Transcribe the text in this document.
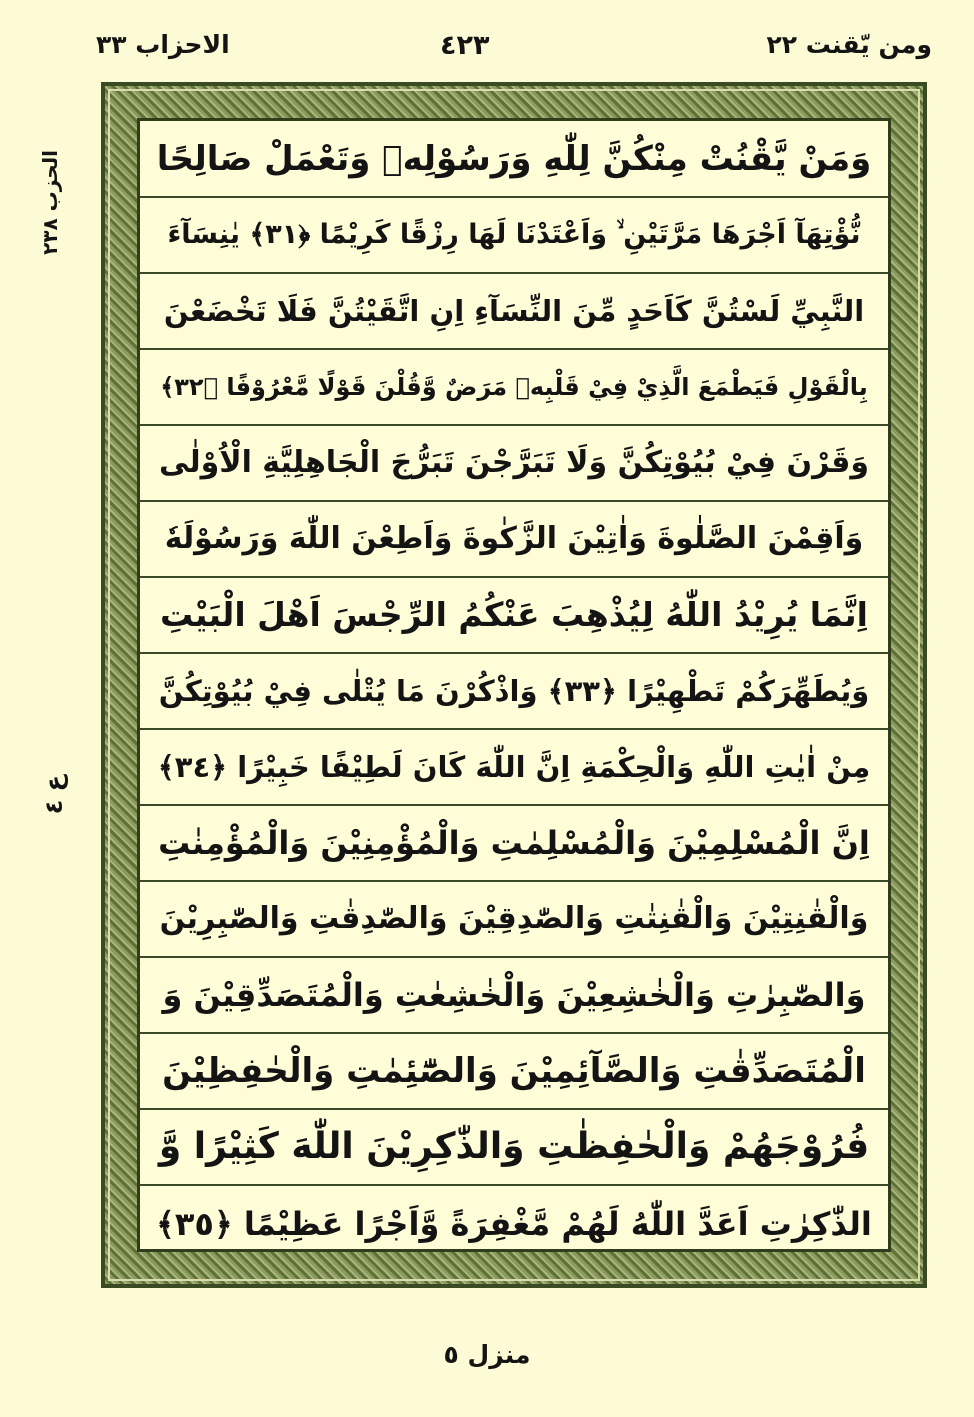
ومن يّقنت ٢٢
٤٢٣
الاحزاب ٣٣
الحزب ٢٣٨
ع ٤
وَمَنْ يَّقْنُتْ مِنْكُنَّ لِلّٰهِ وَرَسُوْلِهٖ وَتَعْمَلْ صَالِحًا
نُّؤْتِهَآ اَجْرَهَا مَرَّتَيْنِ ۙ وَاَعْتَدْنَا لَهَا رِزْقًا كَرِيْمًا ﴿٣١﴾ يٰنِسَآءَ
النَّبِيِّ لَسْتُنَّ كَاَحَدٍ مِّنَ النِّسَآءِ اِنِ اتَّقَيْتُنَّ فَلَا تَخْضَعْنَ
بِالْقَوْلِ فَيَطْمَعَ الَّذِيْ فِيْ قَلْبِهٖ مَرَضٌ وَّقُلْنَ قَوْلًا مَّعْرُوْفًا ﴿٣٢﴾
وَقَرْنَ فِيْ بُيُوْتِكُنَّ وَلَا تَبَرَّجْنَ تَبَرُّجَ الْجَاهِلِيَّةِ الْاُوْلٰى
وَاَقِمْنَ الصَّلٰوةَ وَاٰتِيْنَ الزَّكٰوةَ وَاَطِعْنَ اللّٰهَ وَرَسُوْلَهٗ
اِنَّمَا يُرِيْدُ اللّٰهُ لِيُذْهِبَ عَنْكُمُ الرِّجْسَ اَهْلَ الْبَيْتِ
وَيُطَهِّرَكُمْ تَطْهِيْرًا ﴿٣٣﴾ وَاذْكُرْنَ مَا يُتْلٰى فِيْ بُيُوْتِكُنَّ
مِنْ اٰيٰتِ اللّٰهِ وَالْحِكْمَةِ اِنَّ اللّٰهَ كَانَ لَطِيْفًا خَبِيْرًا ﴿٣٤﴾
اِنَّ الْمُسْلِمِيْنَ وَالْمُسْلِمٰتِ وَالْمُؤْمِنِيْنَ وَالْمُؤْمِنٰتِ
وَالْقٰنِتِيْنَ وَالْقٰنِتٰتِ وَالصّٰدِقِيْنَ وَالصّٰدِقٰتِ وَالصّٰبِرِيْنَ
وَالصّٰبِرٰتِ وَالْخٰشِعِيْنَ وَالْخٰشِعٰتِ وَالْمُتَصَدِّقِيْنَ وَ
الْمُتَصَدِّقٰتِ وَالصَّآئِمِيْنَ وَالصّٰٓئِمٰتِ وَالْحٰفِظِيْنَ
فُرُوْجَهُمْ وَالْحٰفِظٰتِ وَالذّٰكِرِيْنَ اللّٰهَ كَثِيْرًا وَّ
الذّٰكِرٰتِ اَعَدَّ اللّٰهُ لَهُمْ مَّغْفِرَةً وَّاَجْرًا عَظِيْمًا ﴿٣٥﴾
منزل ٥
